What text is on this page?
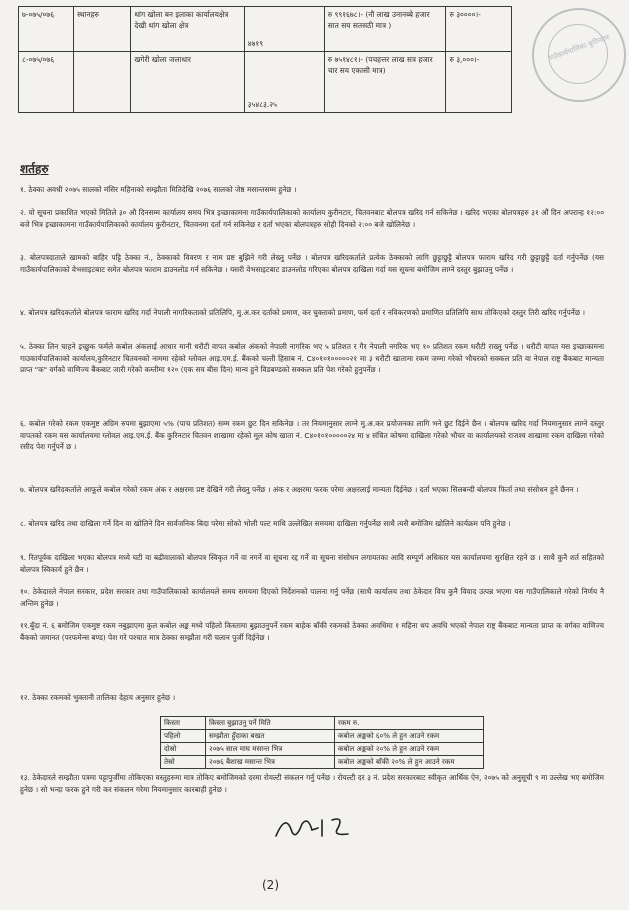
७-०७५/०७६	स्थानहरु	थांग खोला बन इलाका कार्यालयक्षेत्र देखी थांग खोला क्षेत्र	४७१९	रु ९९१६७८।- (नौ लाख उनानब्बे हजार सात सय सतसठी मात्र )	रु ३००००।-
८-०७५/०७६		खगेरी खोला जलाधार	३५४८३.२५	रु ७५१४८१।- (पचहत्तर लाख सत्र हजार चार सय एकासी मात्र)	रु ३,०००।-	गाउँकार्यपालिका कुरिनटार
शर्तहरु
१. ठेक्का अवधी २०७५ सालको मंसिर महिनाको सम्झौता मितिदेखि २०७६ सालको जेष्ठ मसान्तसम्म हुनेछ ।
२. यो सूचना प्रकाशित भएको मितिले ३० औ दिनसम्म कार्यालय समय भित्र इच्छाकामना गाउँकार्यपालिकाको कार्यालय कुरीनटार, चितवनबाट बोलपत्र खरिद गर्न सकिनेछ । खरिद भएका बोलपत्रहरु ३१ औं दिन अपरान्ह १२:०० बजे भित्र इच्छाकामना गाउँकार्यपालिकाको कार्यालय कुरीनटार, चितवनमा दर्ता गर्न सकिनेछ र दर्ता भएका बोलपत्रहरु सोही दिनको २:०० बजे खोलिनेछ ।
३. बोलपत्रदाताले खामको बाहिर पट्टि ठेक्का नं., ठेक्काको विवरण र नाम प्रष्ट बुझिने गरी लेख्नु पर्नेछ । बोलपत्र खरिदकर्ताले प्रत्येक ठेक्काको लागि छुट्टाछुट्टै बोलपत्र फाराम खरिद गरी छुट्टाछुट्टै दर्ता गर्नुपर्नेछ (यस गाउँकार्यपालिकाको वेभसाइटबाट समेत बोलपत्र फाराम डाउनलोड गर्न सकिनेछ । यसरी वेभसाइटबाट डाउनलोड गरिएका बोलपत्र दाखिला गर्दा यस सूचना बमोजिम लाग्ने दस्तुर बुझाउनु पर्नेछ ।
४. बोलपत्र खरिदकर्ताले बोलपत्र फाराम खरिद गर्दा नेपाली नागरिकताको प्रतिलिपि, मु.अ.कर दर्ताको प्रमाण, कर चुक्ताको प्रमाण, फर्म दर्ता र नविकरणको प्रमाणित प्रतिलिपि साथ तोकिएको दस्तुर तिरी खरिद गर्नुपर्नेछ ।
५. ठेक्का लिन चाहने इच्छुक फर्मले कबोल अंकलाई आधार मानी धरौटी वापत कबोल अंकको नेपाली नागरिक भए ५ प्रतिशत र गैर नेपाली नगरिक भए १० प्रतिशत रकम धरौटी राख्नु पर्नेछ । धरौटी वापत यस इच्छाकामना गाउकार्यपालिकाको कार्यालय,कुरिनटार चितवनको नाममा रहेको ग्लोवल आइ.एम.ई. बैंकको चल्ती हिसाब नं. C४०१०१०००००२१ मा ३ धरौटी खातामा रकम जम्मा गरेको भौचरको सक्कल प्रति वा नेपाल राष्ट्र बैंकबाट मान्यता प्राप्त "क" वर्गको वाणिज्य बैंकबाट जारी गरेको कम्तीमा १२० (एक सय बीस दिन) मान्य हुने विडबण्डको सक्कल प्रति पेश गरेको हुनुपर्नेछ ।
६. कबोल गरेको रकम एकमुष्ट अग्रिम रुपमा बुझाएमा ५% (पाच प्रतिशत) सम्म रकम छुट दिन सकिनेछ । तर नियमानुसार लाग्ने मु.अ.कर प्रयोजनका लागि भने छुट दिईने छैन । बोलपत्र खरिद गर्दा नियमानुसार लाग्ने दस्तुर वापतको रकम यस कार्यालयमा ग्लोवल आइ.एम.ई. बैंक कुरिनटार चितवन शाखामा रहेको मूल कोष खाता नं. C४०१०१०००००२४ मा ४ संचित कोषमा दाखिला गरेको भौचर वा कार्यालयको राजश्व शाखामा रकम दाखिला गरेको रसीद पेश गर्नुपर्ने छ ।
७. बोलपत्र खरिदकर्ताले आफूले कबोल गरेको रकम अंक र अक्षरमा प्रष्ट देखिने गरी लेख्नु पर्नेछ । अंक र अक्षरमा फरक परेमा अक्षरलाई मान्यता दिईनेछ । दर्ता भएका सिलबन्दी बोलपत्र फिर्ता तथा संसोधन हुने छैनन ।
८. बोलपत्र खरिद तथा दाखिला गर्ने दिन वा खोलिने दिन सार्वजनिक बिदा परेमा सोको भोली पल्ट माथि उल्लेखित समयमा दाखिला गर्नुपर्नेछ साथै त्यसै बमोजिम खोलिने कार्यक्रम पनि हुनेछ ।
९. रितपूर्वक दाखिला भएका बोलपत्र मध्ये घटी वा बढीवालाको बोलपत्र स्विकृत गर्ने वा नगर्ने वा सूचना रद्द गर्ने वा सूचना संसोधन लगायतका आदि सम्पूर्ण अधिकार यस कार्यालयमा सुरक्षित रहने छ । साथै कुनै शर्त सहितको बोलपत्र स्विकार्य हुने छैन ।
१०. ठेकेदारले नेपाल सरकार, प्रदेश सरकार तथा गाउँपालिकाको कार्यालयले समय समयमा दिएको निर्देशनको पालना गर्नु पर्नेछ (साथै कार्यालय तथा ठेकेदार विच कुनै विवाद उत्पन्न भएमा यस गाउँपालिकाले गरेको निर्णय नै अन्तिम हुनेछ ।
११.बुँदा नं. ६ बमोजिम एकमुष्ट रकम नबुझाएमा कुल कबोल अङ्क मध्ये पहिलो किस्तामा बुझाउनुपर्ने रकम बाहेक बाँकी रकमको ठेक्का अवधिमा १ महिना थप अवधि भएको नेपाल राष्ट्र बैंकबाट मान्यता प्राप्त क वर्गका वाणिज्य बैंकको जमानत (परफमेन्स बण्ड) पेश गरे पश्चात मात्र ठेक्का सम्झौता गरी चलान पुर्जी दिईनेछ ।
१२. ठेक्का रकमको भुक्तानी तालिका देहाय अनुसार हुनेछ ।
किस्ता	किस्ता बुझाउनु पर्ने मिति	रकम रु.
पहिलो	सम्झौता हुँदाका बखत	कबोल अङ्कको ६०% ले हुन आउने रकम
दोस्रो	२०७५ साल माघ मसान्त भित्र	कबोल अङ्कको २०% ले हुन आउने रकम
तेस्रो	२०७६ बैशाख मसान्त भित्र	कबोल अङ्कको बाँकी २०% ले हुन आउने रकम
१३. ठेकेदारले सम्झौता पत्रमा पट्टापुर्जीमा तोकिएका वस्तुहरुमा मात्र तोकिए बमोजिमको दरमा रोयल्टी संकलन गर्नु पर्नेछ । रोयल्टी दर ३ नं. प्रदेश सरकारबाट स्वीकृत आर्थिक ऐन, २०७५ को अनुसूची ९ मा उल्लेख भए बमोजिम हुनेछ । सो भन्दा फरक हुने गरी कर संकलन गरेमा नियमानुसार कारबाही हुनेछ ।
(2)
